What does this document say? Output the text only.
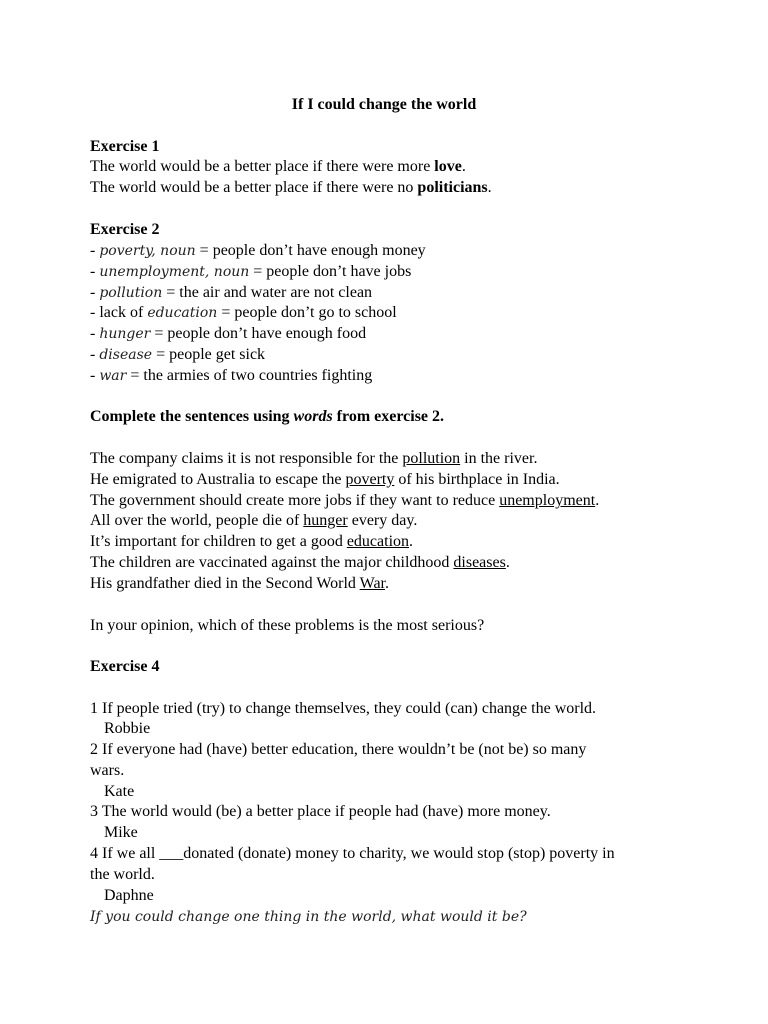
If I could change the world
Exercise 1
The world would be a better place if there were more love.
The world would be a better place if there were no politicians.
Exercise 2
- poverty, noun = people don’t have enough money
- unemployment, noun = people don’t have jobs
- pollution = the air and water are not clean
- lack of education = people don’t go to school
- hunger = people don’t have enough food
- disease = people get sick
- war = the armies of two countries fighting
Complete the sentences using words from exercise 2.
The company claims it is not responsible for the pollution in the river.
He emigrated to Australia to escape the poverty of his birthplace in India.
The government should create more jobs if they want to reduce unemployment.
All over the world, people die of hunger every day.
It’s important for children to get a good education.
The children are vaccinated against the major childhood diseases.
His grandfather died in the Second World War.
In your opinion, which of these problems is the most serious?
Exercise 4
1 If people tried (try) to change themselves, they could (can) change the world.
Robbie
2 If everyone had (have) better education, there wouldn’t be (not be) so many
wars.
Kate
3 The world would (be) a better place if people had (have) more money.
Mike
4 If we all ___donated (donate) money to charity, we would stop (stop) poverty in
the world.
Daphne
If you could change one thing in the world, what would it be?
